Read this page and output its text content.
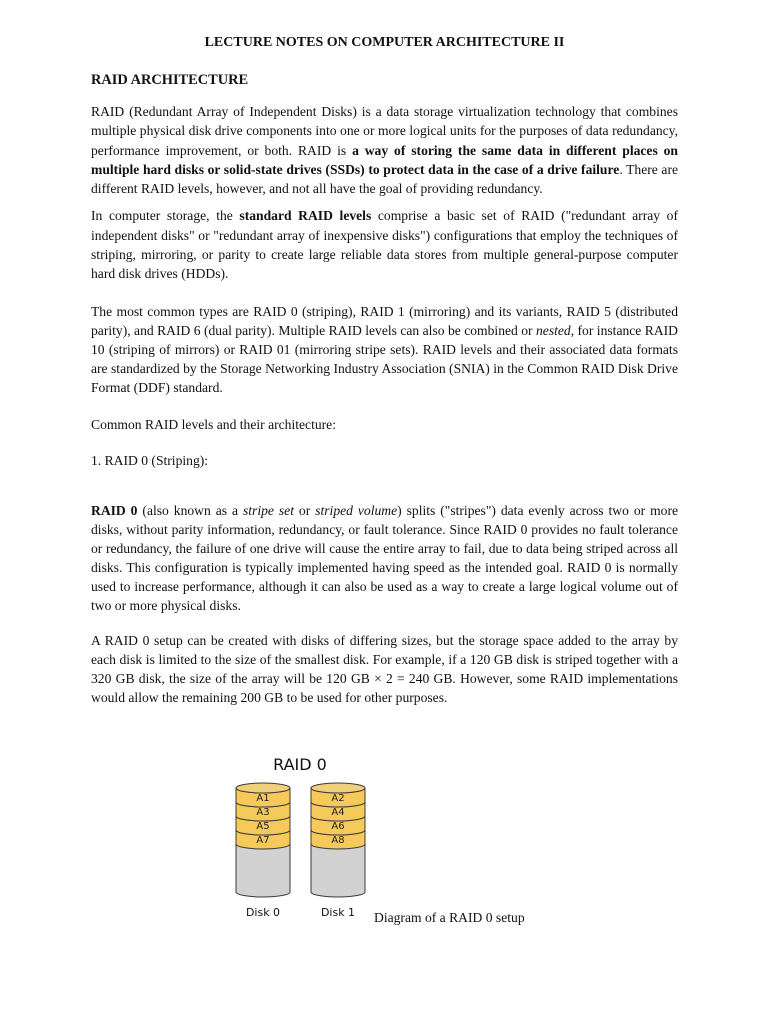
LECTURE NOTES ON COMPUTER ARCHITECTURE II
RAID ARCHITECTURE

RAID (Redundant Array of Independent Disks) is a data storage virtualization technology that combines multiple physical disk drive components into one or more logical units for the purposes of data redundancy, performance improvement, or both. RAID is a way of storing the same data in different places on multiple hard disks or solid-state drives (SSDs) to protect data in the case of a drive failure. There are different RAID levels, however, and not all have the goal of providing redundancy.

In computer storage, the standard RAID levels comprise a basic set of RAID ("redundant array of independent disks" or "redundant array of inexpensive disks") configurations that employ the techniques of striping, mirroring, or parity to create large reliable data stores from multiple general-purpose computer hard disk drives (HDDs).

The most common types are RAID 0 (striping), RAID 1 (mirroring) and its variants, RAID 5 (distributed parity), and RAID 6 (dual parity). Multiple RAID levels can also be combined or nested, for instance RAID 10 (striping of mirrors) or RAID 01 (mirroring stripe sets). RAID levels and their associated data formats are standardized by the Storage Networking Industry Association (SNIA) in the Common RAID Disk Drive Format (DDF) standard.

Common RAID levels and their architecture:

1. RAID 0 (Striping):

RAID 0 (also known as a stripe set or striped volume) splits ("stripes") data evenly across two or more disks, without parity information, redundancy, or fault tolerance. Since RAID 0 provides no fault tolerance or redundancy, the failure of one drive will cause the entire array to fail, due to data being striped across all disks. This configuration is typically implemented having speed as the intended goal. RAID 0 is normally used to increase performance, although it can also be used as a way to create a large logical volume out of two or more physical disks.

A RAID 0 setup can be created with disks of differing sizes, but the storage space added to the array by each disk is limited to the size of the smallest disk. For example, if a 120 GB disk is striped together with a 320 GB disk, the size of the array will be 120 GB × 2 = 240 GB. However, some RAID implementations would allow the remaining 200 GB to be used for other purposes.

RAID 0
A7
A5
A3
A1
A8
A6
A4
A2
Disk 0	Disk 1 Diagram of a RAID 0 setup
